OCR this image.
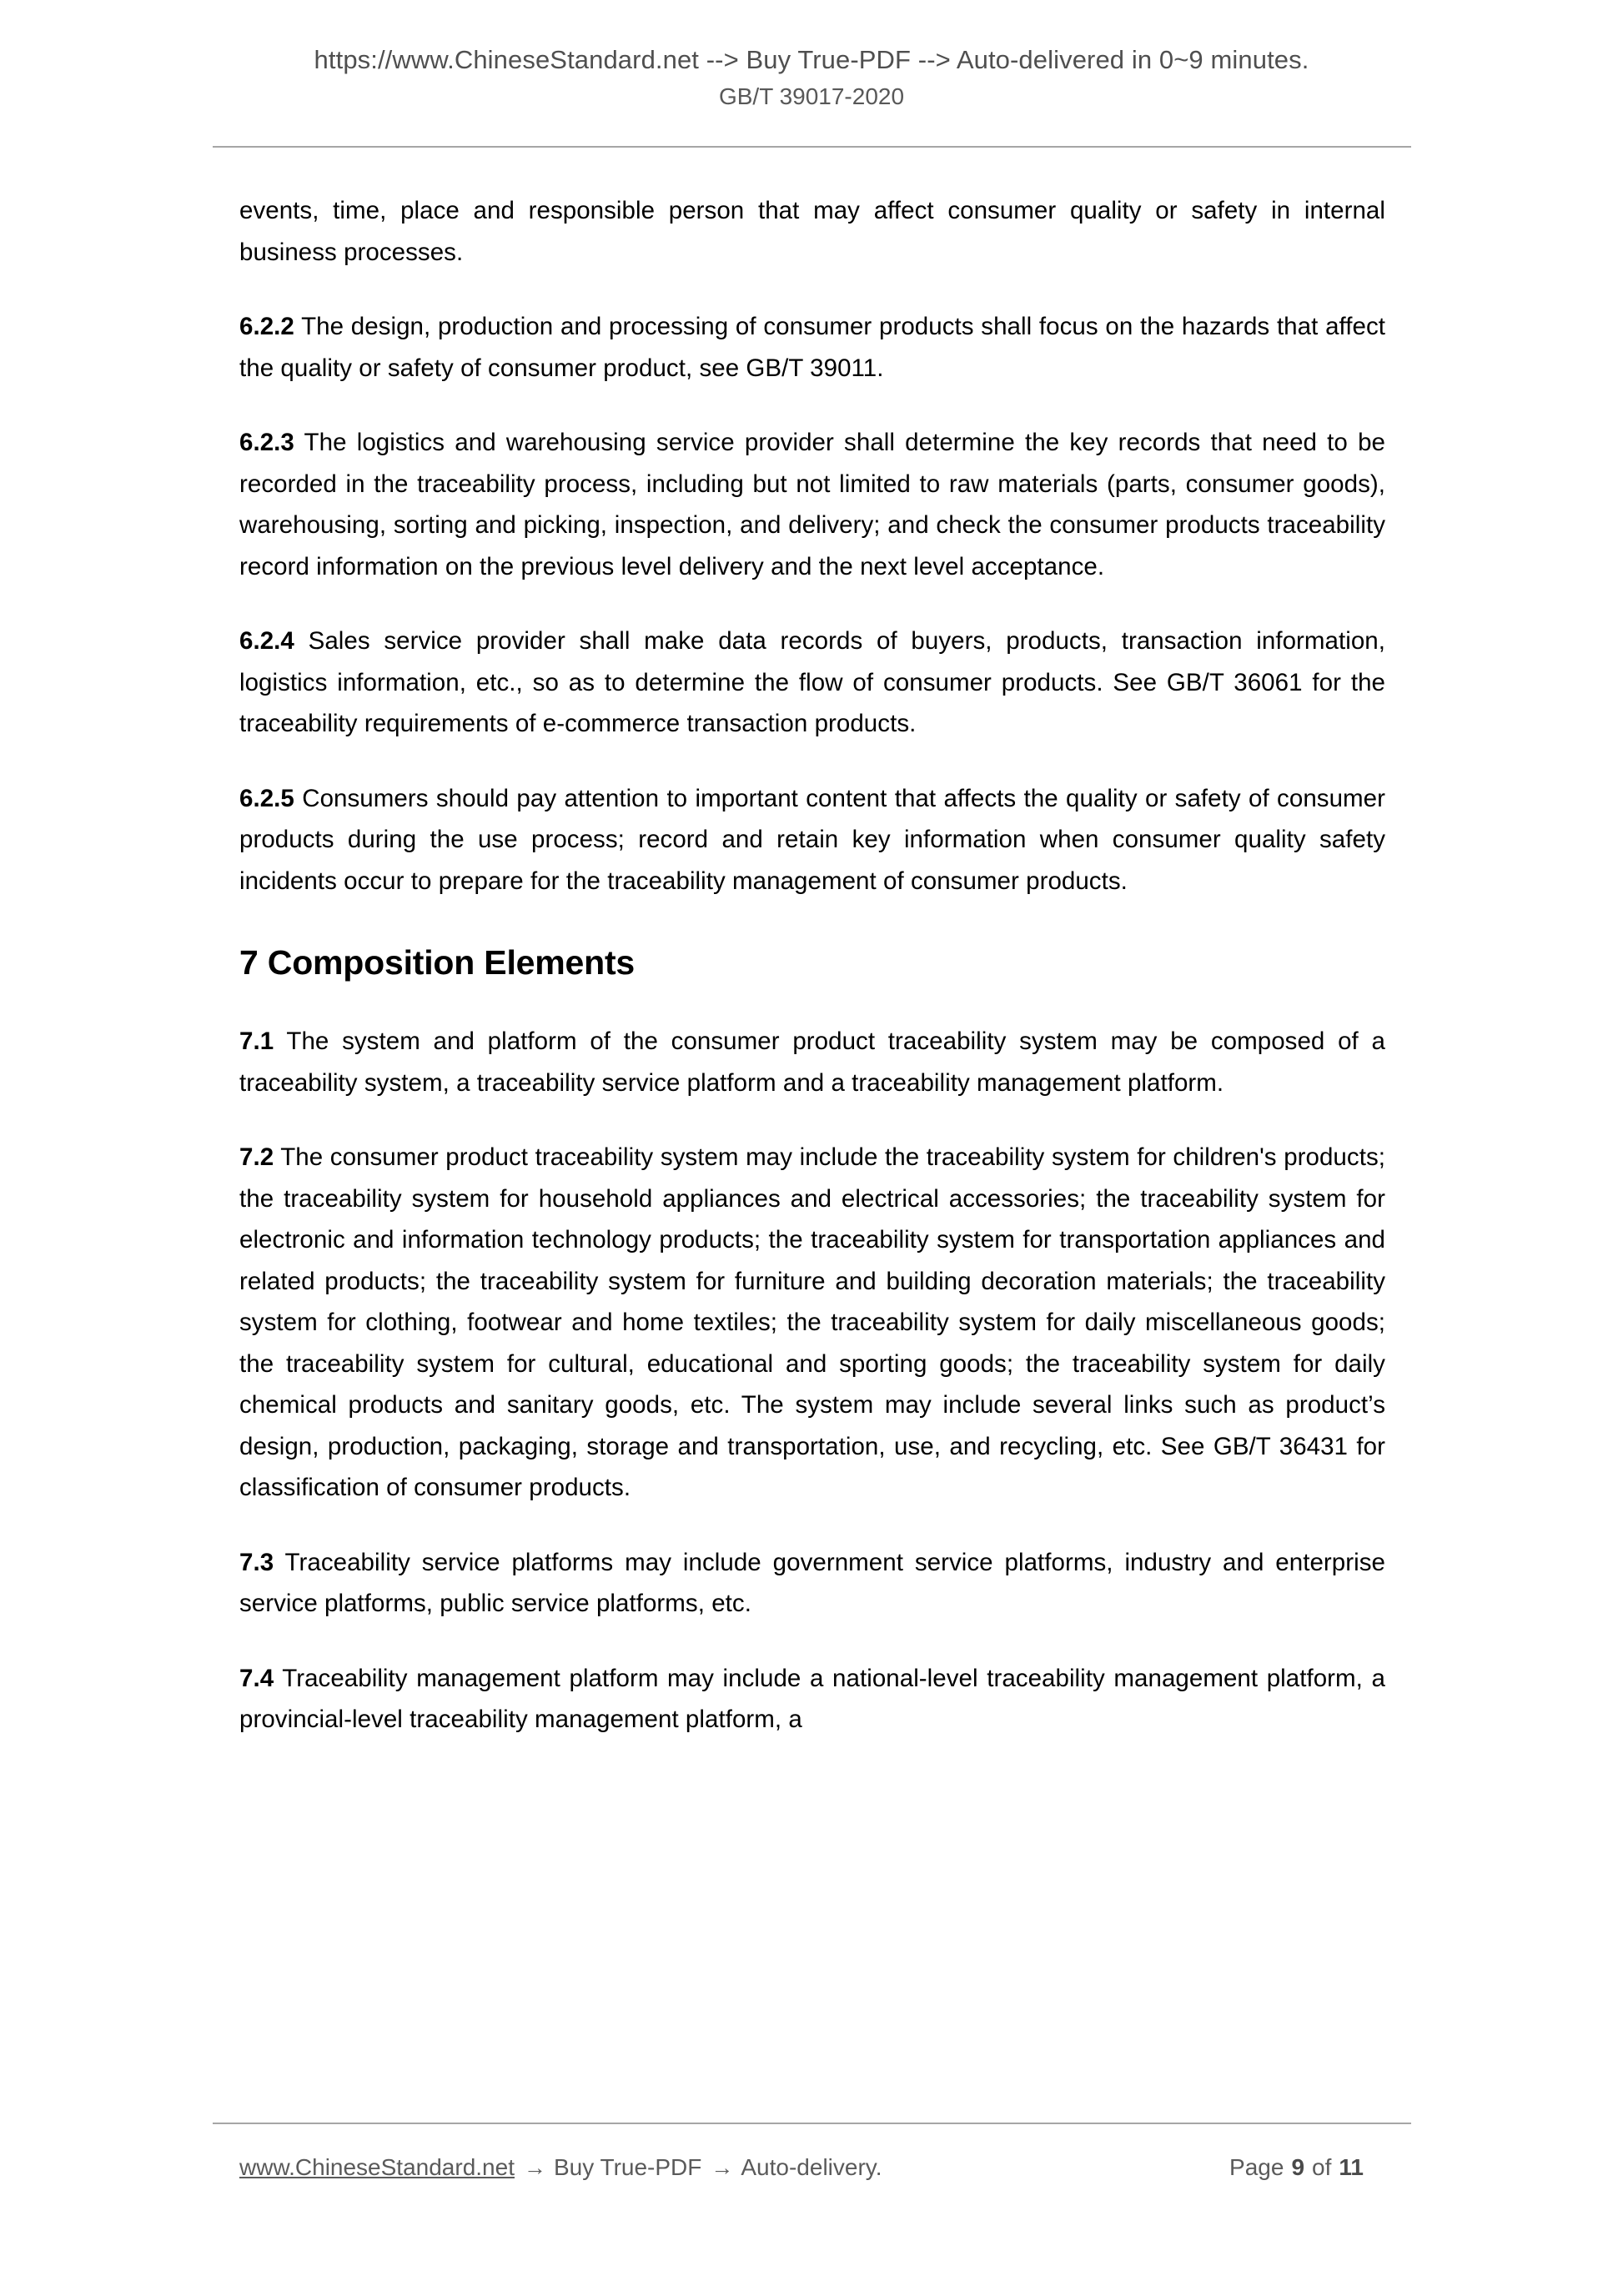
https://www.ChineseStandard.net --> Buy True-PDF --> Auto-delivered in 0~9 minutes.
GB/T 39017-2020

events, time, place and responsible person that may affect consumer quality or safety in internal business processes.

6.2.2 The design, production and processing of consumer products shall focus on the hazards that affect the quality or safety of consumer product, see GB/T 39011.

6.2.3 The logistics and warehousing service provider shall determine the key records that need to be recorded in the traceability process, including but not limited to raw materials (parts, consumer goods), warehousing, sorting and picking, inspection, and delivery; and check the consumer products traceability record information on the previous level delivery and the next level acceptance.

6.2.4 Sales service provider shall make data records of buyers, products, transaction information, logistics information, etc., so as to determine the flow of consumer products. See GB/T 36061 for the traceability requirements of e-commerce transaction products.

6.2.5 Consumers should pay attention to important content that affects the quality or safety of consumer products during the use process; record and retain key information when consumer quality safety incidents occur to prepare for the traceability management of consumer products.

7 Composition Elements

7.1 The system and platform of the consumer product traceability system may be composed of a traceability system, a traceability service platform and a traceability management platform.

7.2 The consumer product traceability system may include the traceability system for children's products; the traceability system for household appliances and electrical accessories; the traceability system for electronic and information technology products; the traceability system for transportation appliances and related products; the traceability system for furniture and building decoration materials; the traceability system for clothing, footwear and home textiles; the traceability system for daily miscellaneous goods; the traceability system for cultural, educational and sporting goods; the traceability system for daily chemical products and sanitary goods, etc. The system may include several links such as product’s design, production, packaging, storage and transportation, use, and recycling, etc. See GB/T 36431 for classification of consumer products.

7.3 Traceability service platforms may include government service platforms, industry and enterprise service platforms, public service platforms, etc.

7.4 Traceability management platform may include a national-level traceability management platform, a provincial-level traceability management platform, a

www.ChineseStandard.net → Buy True-PDF → Auto-delivery.	Page 9 of 11
